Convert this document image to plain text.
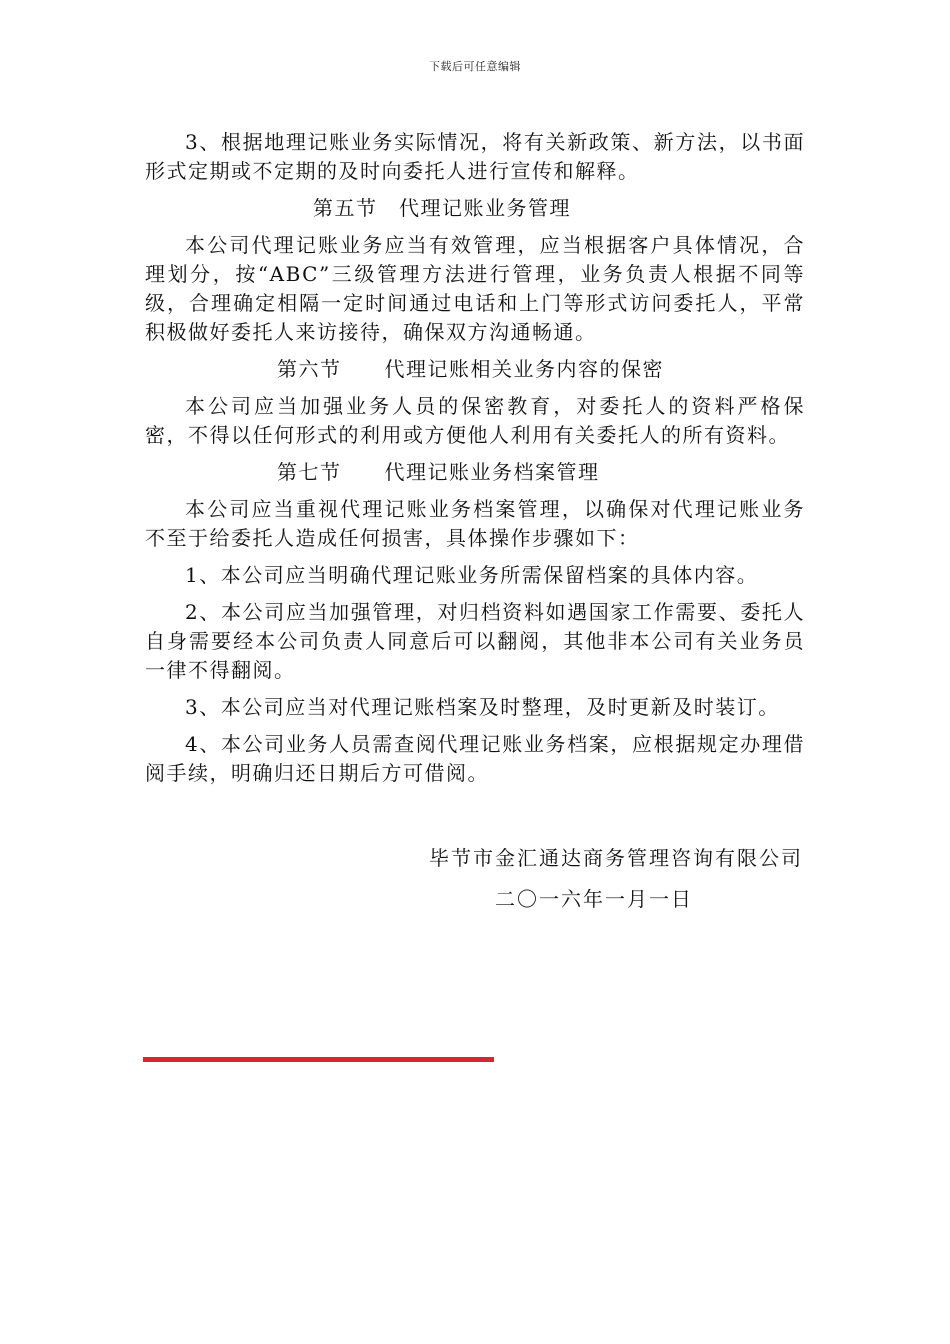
下载后可任意编辑

3、根据地理记账业务实际情况，将有关新政策、新方法，以书面形式定期或不定期的及时向委托人进行宣传和解释。

第五节　代理记账业务管理

本公司代理记账业务应当有效管理，应当根据客户具体情况，合理划分，按“ABC”三级管理方法进行管理，业务负责人根据不同等级，合理确定相隔一定时间通过电话和上门等形式访问委托人，平常积极做好委托人来访接待，确保双方沟通畅通。

第六节　　代理记账相关业务内容的保密

本公司应当加强业务人员的保密教育，对委托人的资料严格保密，不得以任何形式的利用或方便他人利用有关委托人的所有资料。

第七节　　代理记账业务档案管理

本公司应当重视代理记账业务档案管理，以确保对代理记账业务不至于给委托人造成任何损害，具体操作步骤如下：

1、本公司应当明确代理记账业务所需保留档案的具体内容。

2、本公司应当加强管理，对归档资料如遇国家工作需要、委托人自身需要经本公司负责人同意后可以翻阅，其他非本公司有关业务员一律不得翻阅。

3、本公司应当对代理记账档案及时整理，及时更新及时装订。

4、本公司业务人员需查阅代理记账业务档案，应根据规定办理借阅手续，明确归还日期后方可借阅。

毕节市金汇通达商务管理咨询有限公司
二〇一六年一月一日
